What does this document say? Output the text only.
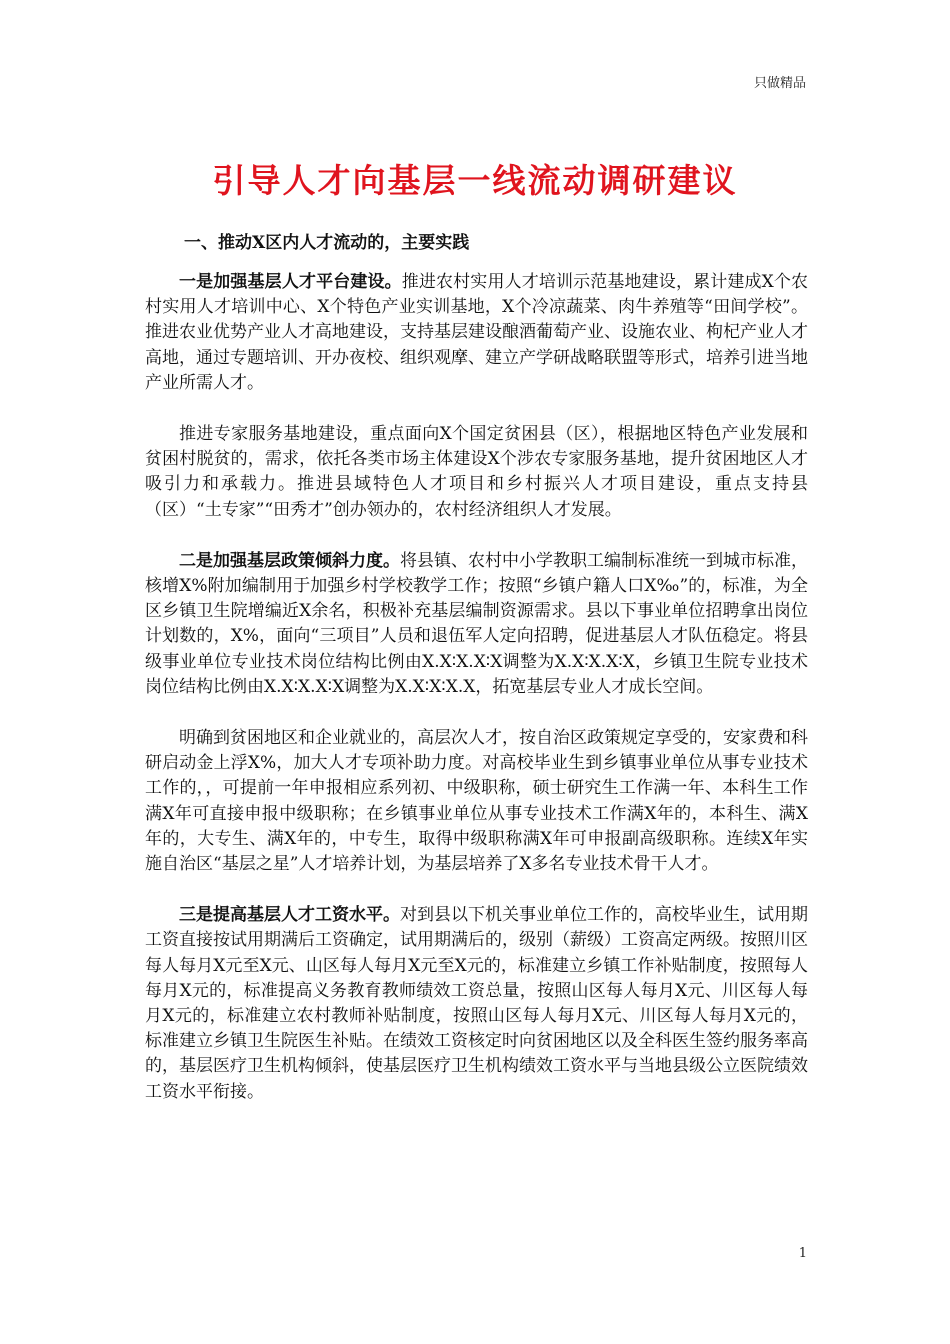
只做精品
引导人才向基层一线流动调研建议
一、推动X区内人才流动的，主要实践

一是加强基层人才平台建设。推进农村实用人才培训示范基地建设，累计建成X个农村实用人才培训中心、X个特色产业实训基地，X个冷凉蔬菜、肉牛养殖等“田间学校”。推进农业优势产业人才高地建设，支持基层建设酿酒葡萄产业、设施农业、枸杞产业人才高地，通过专题培训、开办夜校、组织观摩、建立产学研战略联盟等形式，培养引进当地产业所需人才。

推进专家服务基地建设，重点面向X个国定贫困县（区），根据地区特色产业发展和贫困村脱贫的，需求，依托各类市场主体建设X个涉农专家服务基地，提升贫困地区人才吸引力和承载力。推进县域特色人才项目和乡村振兴人才项目建设，重点支持县（区）“土专家”“田秀才”创办领办的，农村经济组织人才发展。

二是加强基层政策倾斜力度。将县镇、农村中小学教职工编制标准统一到城市标准，核增X%附加编制用于加强乡村学校教学工作；按照“乡镇户籍人口X‰”的，标准，为全区乡镇卫生院增编近X余名，积极补充基层编制资源需求。县以下事业单位招聘拿出岗位计划数的，X%，面向“三项目”人员和退伍军人定向招聘，促进基层人才队伍稳定。将县级事业单位专业技术岗位结构比例由X.X∶X.X∶X调整为X.X∶X.X∶X，乡镇卫生院专业技术岗位结构比例由X.X∶X.X∶X调整为X.X∶X∶X.X，拓宽基层专业人才成长空间。

明确到贫困地区和企业就业的，高层次人才，按自治区政策规定享受的，安家费和科研启动金上浮X%，加大人才专项补助力度。对高校毕业生到乡镇事业单位从事专业技术工作的，，可提前一年申报相应系列初、中级职称，硕士研究生工作满一年、本科生工作满X年可直接申报中级职称；在乡镇事业单位从事专业技术工作满X年的，本科生、满X年的，大专生、满X年的，中专生，取得中级职称满X年可申报副高级职称。连续X年实施自治区“基层之星”人才培养计划，为基层培养了X多名专业技术骨干人才。

三是提高基层人才工资水平。对到县以下机关事业单位工作的，高校毕业生，试用期工资直接按试用期满后工资确定，试用期满后的，级别（薪级）工资高定两级。按照川区每人每月X元至X元、山区每人每月X元至X元的，标准建立乡镇工作补贴制度，按照每人每月X元的，标准提高义务教育教师绩效工资总量，按照山区每人每月X元、川区每人每月X元的，标准建立农村教师补贴制度，按照山区每人每月X元、川区每人每月X元的，标准建立乡镇卫生院医生补贴。在绩效工资核定时向贫困地区以及全科医生签约服务率高的，基层医疗卫生机构倾斜，使基层医疗卫生机构绩效工资水平与当地县级公立医院绩效工资水平衔接。

1
